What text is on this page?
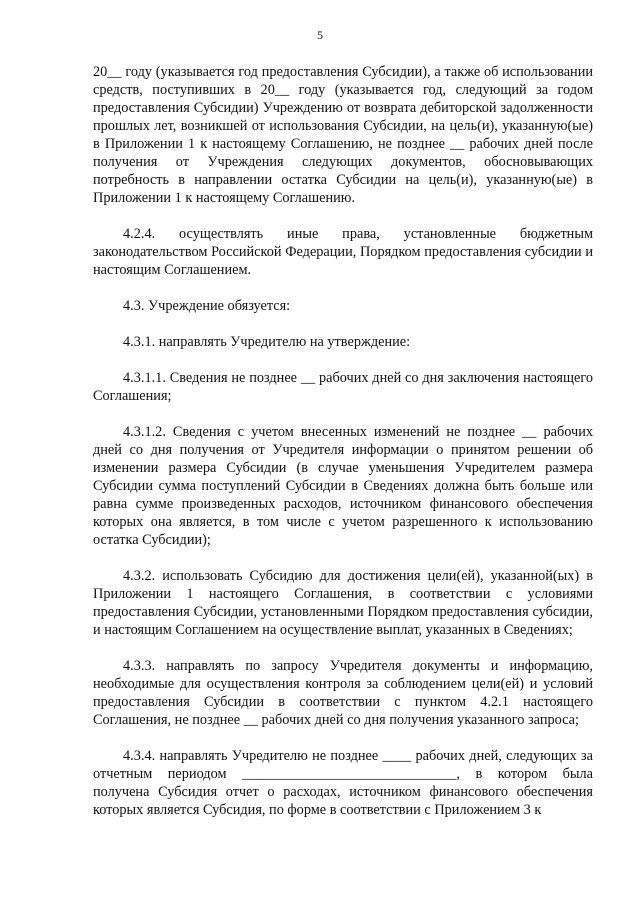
5

20__ году (указывается год предоставления Субсидии), а также об использовании средств, поступивших в 20__ году (указывается год, следующий за годом предоставления Субсидии) Учреждению от возврата дебиторской задолженности прошлых лет, возникшей от использования Субсидии, на цель(и), указанную(ые) в Приложении 1 к настоящему Соглашению, не позднее __ рабочих дней после получения от Учреждения следующих документов, обосновывающих потребность в направлении остатка Субсидии на цель(и), указанную(ые) в Приложении 1 к настоящему Соглашению.

4.2.4. осуществлять иные права, установленные бюджетным законодательством Российской Федерации, Порядком предоставления субсидии и настоящим Соглашением.

4.3. Учреждение обязуется:

4.3.1. направлять Учредителю на утверждение:

4.3.1.1. Сведения не позднее __ рабочих дней со дня заключения настоящего Соглашения;

4.3.1.2. Сведения с учетом внесенных изменений не позднее __ рабочих дней со дня получения от Учредителя информации о принятом решении об изменении размера Субсидии (в случае уменьшения Учредителем размера Субсидии сумма поступлений Субсидии в Сведениях должна быть больше или равна сумме произведенных расходов, источником финансового обеспечения которых она является, в том числе с учетом разрешенного к использованию остатка Субсидии);

4.3.2. использовать Субсидию для достижения цели(ей), указанной(ых) в Приложении 1 настоящего Соглашения, в соответствии с условиями предоставления Субсидии, установленными Порядком предоставления субсидии, и настоящим Соглашением на осуществление выплат, указанных в Сведениях;

4.3.3. направлять по запросу Учредителя документы и информацию, необходимые для осуществления контроля за соблюдением цели(ей) и условий предоставления Субсидии в соответствии с пунктом 4.2.1 настоящего Соглашения, не позднее __ рабочих дней со дня получения указанного запроса;

4.3.4. направлять Учредителю не позднее ____ рабочих дней, следующих за отчетным периодом ______________________________, в котором была получена Субсидия отчет о расходах, источником финансового обеспечения которых является Субсидия, по форме в соответствии с Приложением 3 к
